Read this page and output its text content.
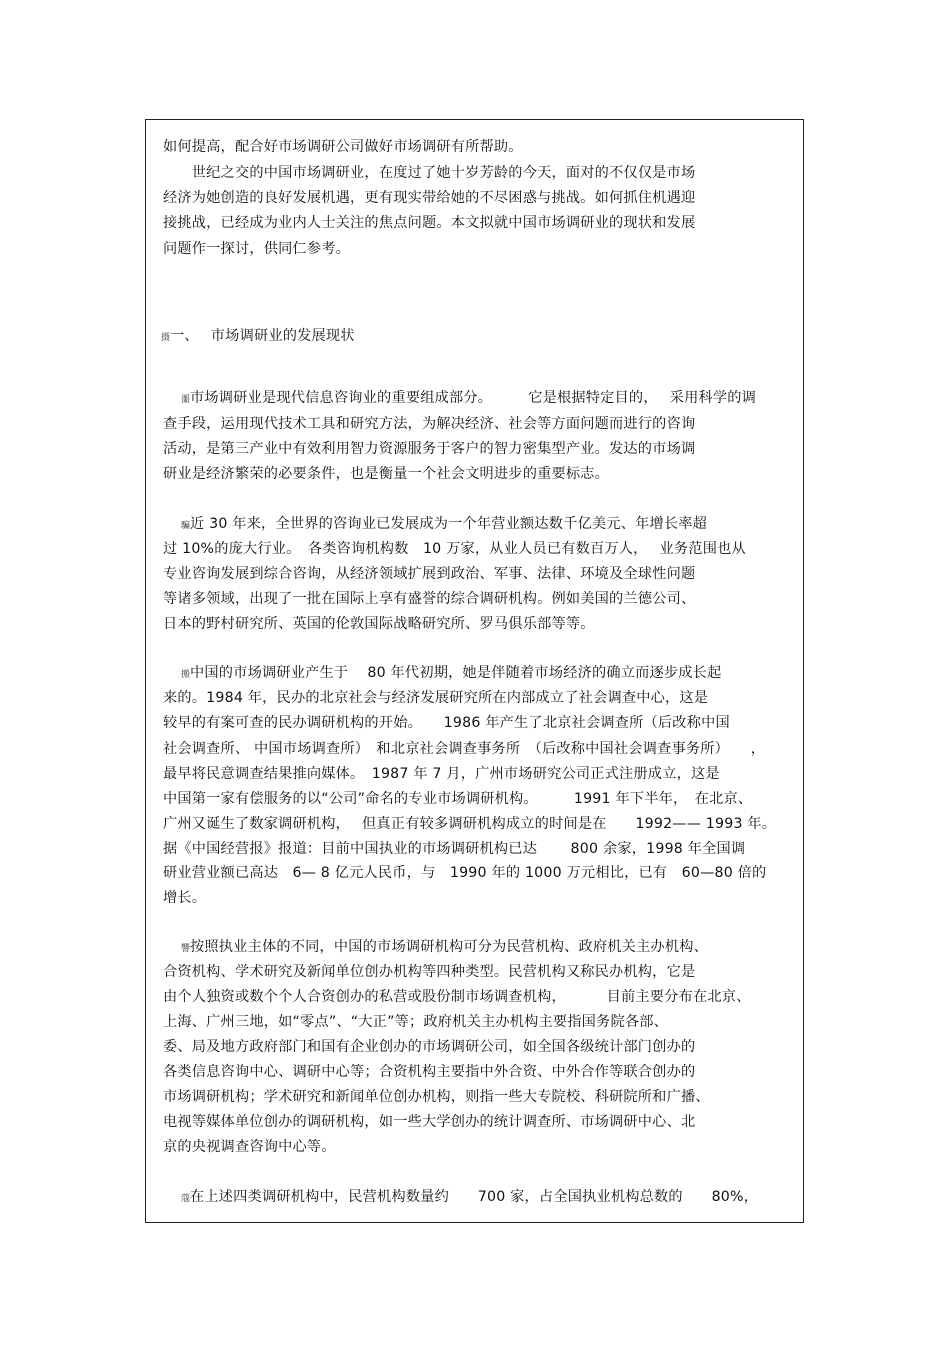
如何提高，配合好市场调研公司做好市场调研有所帮助。
　　世纪之交的中国市场调研业，在度过了她十岁芳龄的今天，面对的不仅仅是市场
经济为她创造的良好发展机遇，更有现实带给她的不尽困惑与挑战。如何抓住机遇迎
接挑战，已经成为业内人士关注的焦点问题。本文拟就中国市场调研业的现状和发展
问题作一探讨，供同仁参考。
摄一、　 市场调研业的发展现状
噩市场调研业是现代信息咨询业的重要组成部分。　　　它是根据特定目的，　 采用科学的调
查手段，运用现代技术工具和研究方法，为解决经济、社会等方面问题而进行的咨询
活动，是第三产业中有效利用智力资源服务于客户的智力密集型产业。发达的市场调
研业是经济繁荣的必要条件，也是衡量一个社会文明进步的重要标志。
騙近 30 年来，全世界的咨询业已发展成为一个年营业额达数千亿美元、年增长率超
过 10%的庞大行业。　各类咨询机构数　10 万家，从业人员已有数百万人，　 业务范围也从
专业咨询发展到综合咨询，从经济领域扩展到政治、军事、法律、环境及全球性问题
等诸多领域，出现了一批在国际上享有盛誉的综合调研机构。例如美国的兰德公司、
日本的野村研究所、英国的伦敦国际战略研究所、罗马俱乐部等等。
搬中国的市场调研业产生于　 80 年代初期，她是伴随着市场经济的确立而逐步成长起
来的。1984 年，民办的北京社会与经济发展研究所在内部成立了社会调查中心，这是
较早的有案可查的民办调研机构的开始。　　1986 年产生了北京社会调查所（后改称中国
社会调查所、 中国市场调查所）　和北京社会调查事务所　（后改称中国社会调查事务所）　　，
最早将民意调查结果推向媒体。　1987 年 7 月，广州市场研究公司正式注册成立，这是
中国第一家有偿服务的以“公司”命名的专业市场调研机构。　　　1991 年下半年，　在北京、
广州又诞生了数家调研机构，　 但真正有较多调研机构成立的时间是在　　1992—— 1993 年。
据《中国经营报》报道：目前中国执业的市场调研机构已达　　 800 余家，1998 年全国调
研业营业额已高达　6— 8 亿元人民币，与　1990 年的 1000 万元相比，已有　60—80 倍的
增长。
響按照执业主体的不同，中国的市场调研机构可分为民营机构、政府机关主办机构、
合资机构、学术研究及新闻单位创办机构等四种类型。民营机构又称民办机构，它是
由个人独资或数个个人合资创办的私营或股份制市场调查机构，　　　 目前主要分布在北京、
上海、广州三地，如“零点”、“大正”等；政府机关主办机构主要指国务院各部、
委、局及地方政府部门和国有企业创办的市场调研公司，如全国各级统计部门创办的
各类信息咨询中心、调研中心等；合资机构主要指中外合资、中外合作等联合创办的
市场调研机构；学术研究和新闻单位创办机构，则指一些大专院校、科研院所和广播、
电视等媒体单位创办的调研机构，如一些大学创办的统计调查所、市场调研中心、北
京的央视调查咨询中心等。
蔻在上述四类调研机构中，民营机构数量约　　700 家，占全国执业机构总数的　　80%，
